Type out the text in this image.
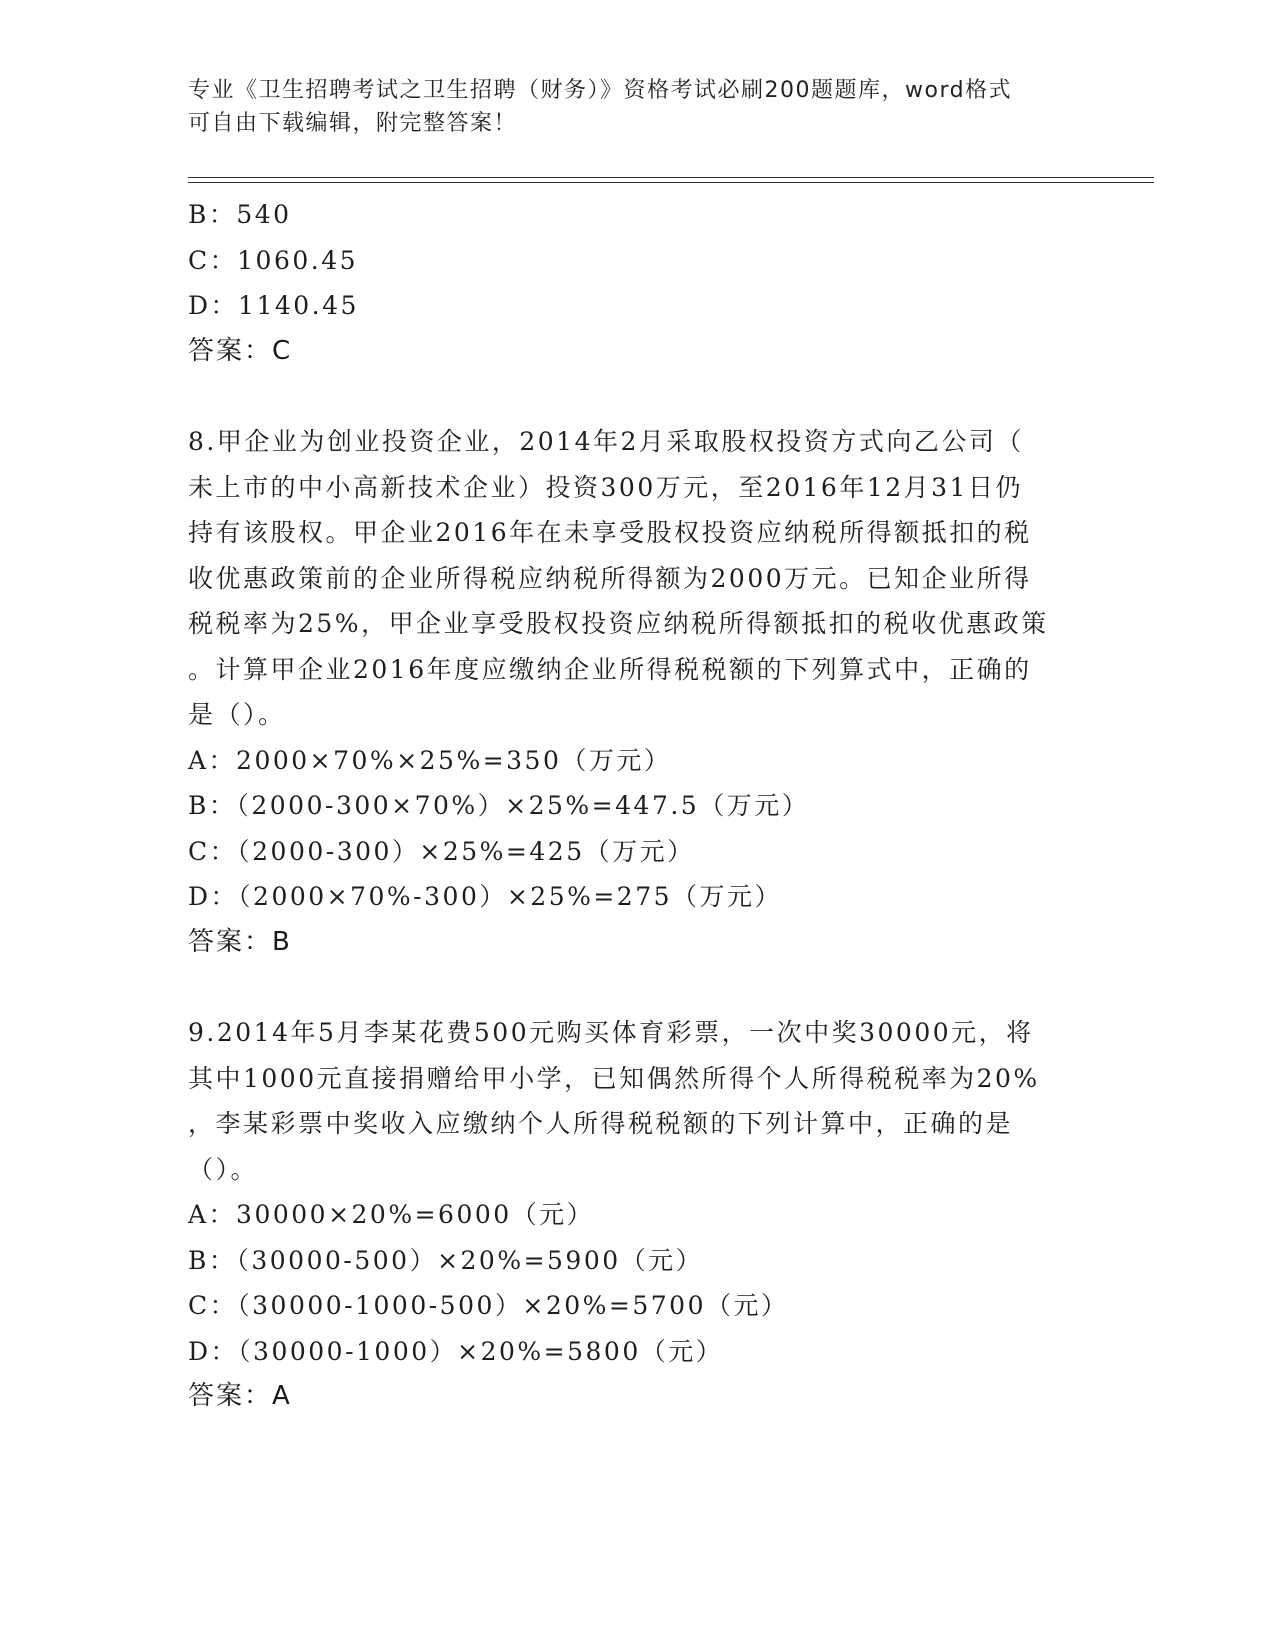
专业《卫生招聘考试之卫生招聘（财务）》资格考试必刷200题题库，word格式
可自由下载编辑，附完整答案！
B：540
C：1060.45
D：1140.45
答案：C
8.甲企业为创业投资企业，2014年2月采取股权投资方式向乙公司（
未上市的中小高新技术企业）投资300万元，至2016年12月31日仍
持有该股权。甲企业2016年在未享受股权投资应纳税所得额抵扣的税
收优惠政策前的企业所得税应纳税所得额为2000万元。已知企业所得
税税率为25%，甲企业享受股权投资应纳税所得额抵扣的税收优惠政策
。计算甲企业2016年度应缴纳企业所得税税额的下列算式中，正确的
是（）。
A：2000×70%×25%=350（万元）
B：（2000-300×70%）×25%=447.5（万元）
C：（2000-300）×25%=425（万元）
D：（2000×70%-300）×25%=275（万元）
答案：B
9.2014年5月李某花费500元购买体育彩票，一次中奖30000元，将
其中1000元直接捐赠给甲小学，已知偶然所得个人所得税税率为20%
，李某彩票中奖收入应缴纳个人所得税税额的下列计算中，正确的是
（）。
A：30000×20%=6000（元）
B：（30000-500）×20%=5900（元）
C：（30000-1000-500）×20%=5700（元）
D：（30000-1000）×20%=5800（元）
答案：A
